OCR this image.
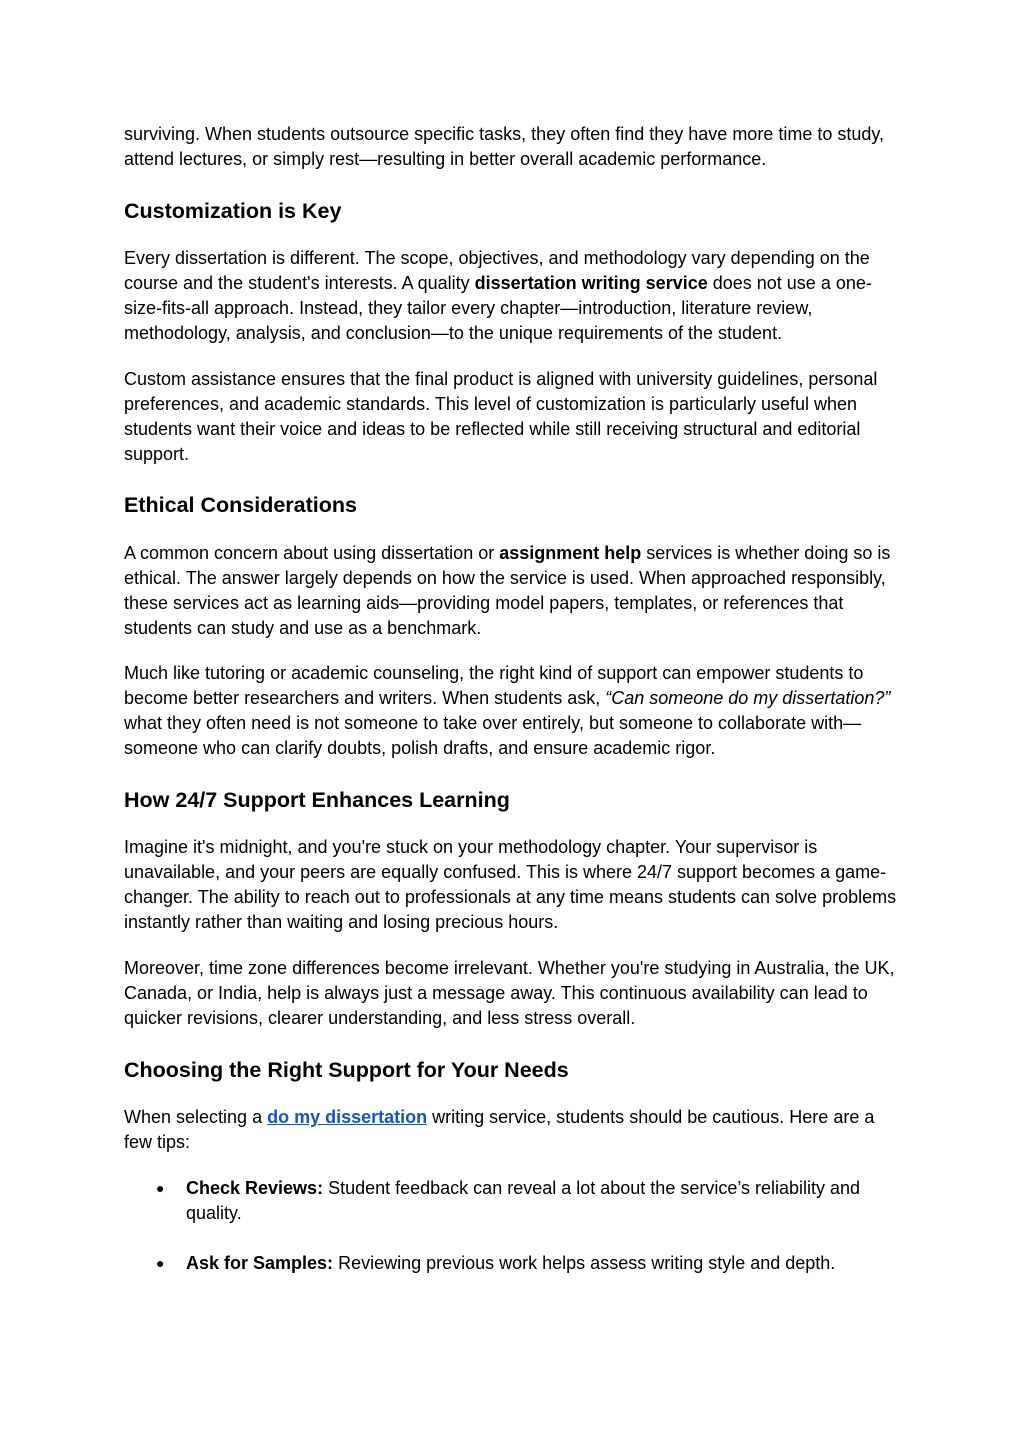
surviving. When students outsource specific tasks, they often find they have more time to study, attend lectures, or simply rest—resulting in better overall academic performance.

Customization is Key

Every dissertation is different. The scope, objectives, and methodology vary depending on the course and the student's interests. A quality dissertation writing service does not use a one-size-fits-all approach. Instead, they tailor every chapter—introduction, literature review, methodology, analysis, and conclusion—to the unique requirements of the student.

Custom assistance ensures that the final product is aligned with university guidelines, personal preferences, and academic standards. This level of customization is particularly useful when students want their voice and ideas to be reflected while still receiving structural and editorial support.

Ethical Considerations

A common concern about using dissertation or assignment help services is whether doing so is ethical. The answer largely depends on how the service is used. When approached responsibly, these services act as learning aids—providing model papers, templates, or references that students can study and use as a benchmark.

Much like tutoring or academic counseling, the right kind of support can empower students to become better researchers and writers. When students ask, “Can someone do my dissertation?” what they often need is not someone to take over entirely, but someone to collaborate with—someone who can clarify doubts, polish drafts, and ensure academic rigor.

How 24/7 Support Enhances Learning

Imagine it's midnight, and you're stuck on your methodology chapter. Your supervisor is unavailable, and your peers are equally confused. This is where 24/7 support becomes a game-changer. The ability to reach out to professionals at any time means students can solve problems instantly rather than waiting and losing precious hours.

Moreover, time zone differences become irrelevant. Whether you're studying in Australia, the UK, Canada, or India, help is always just a message away. This continuous availability can lead to quicker revisions, clearer understanding, and less stress overall.

Choosing the Right Support for Your Needs

When selecting a do my dissertation writing service, students should be cautious. Here are a few tips:

● Check Reviews: Student feedback can reveal a lot about the service’s reliability and quality.
● Ask for Samples: Reviewing previous work helps assess writing style and depth.
